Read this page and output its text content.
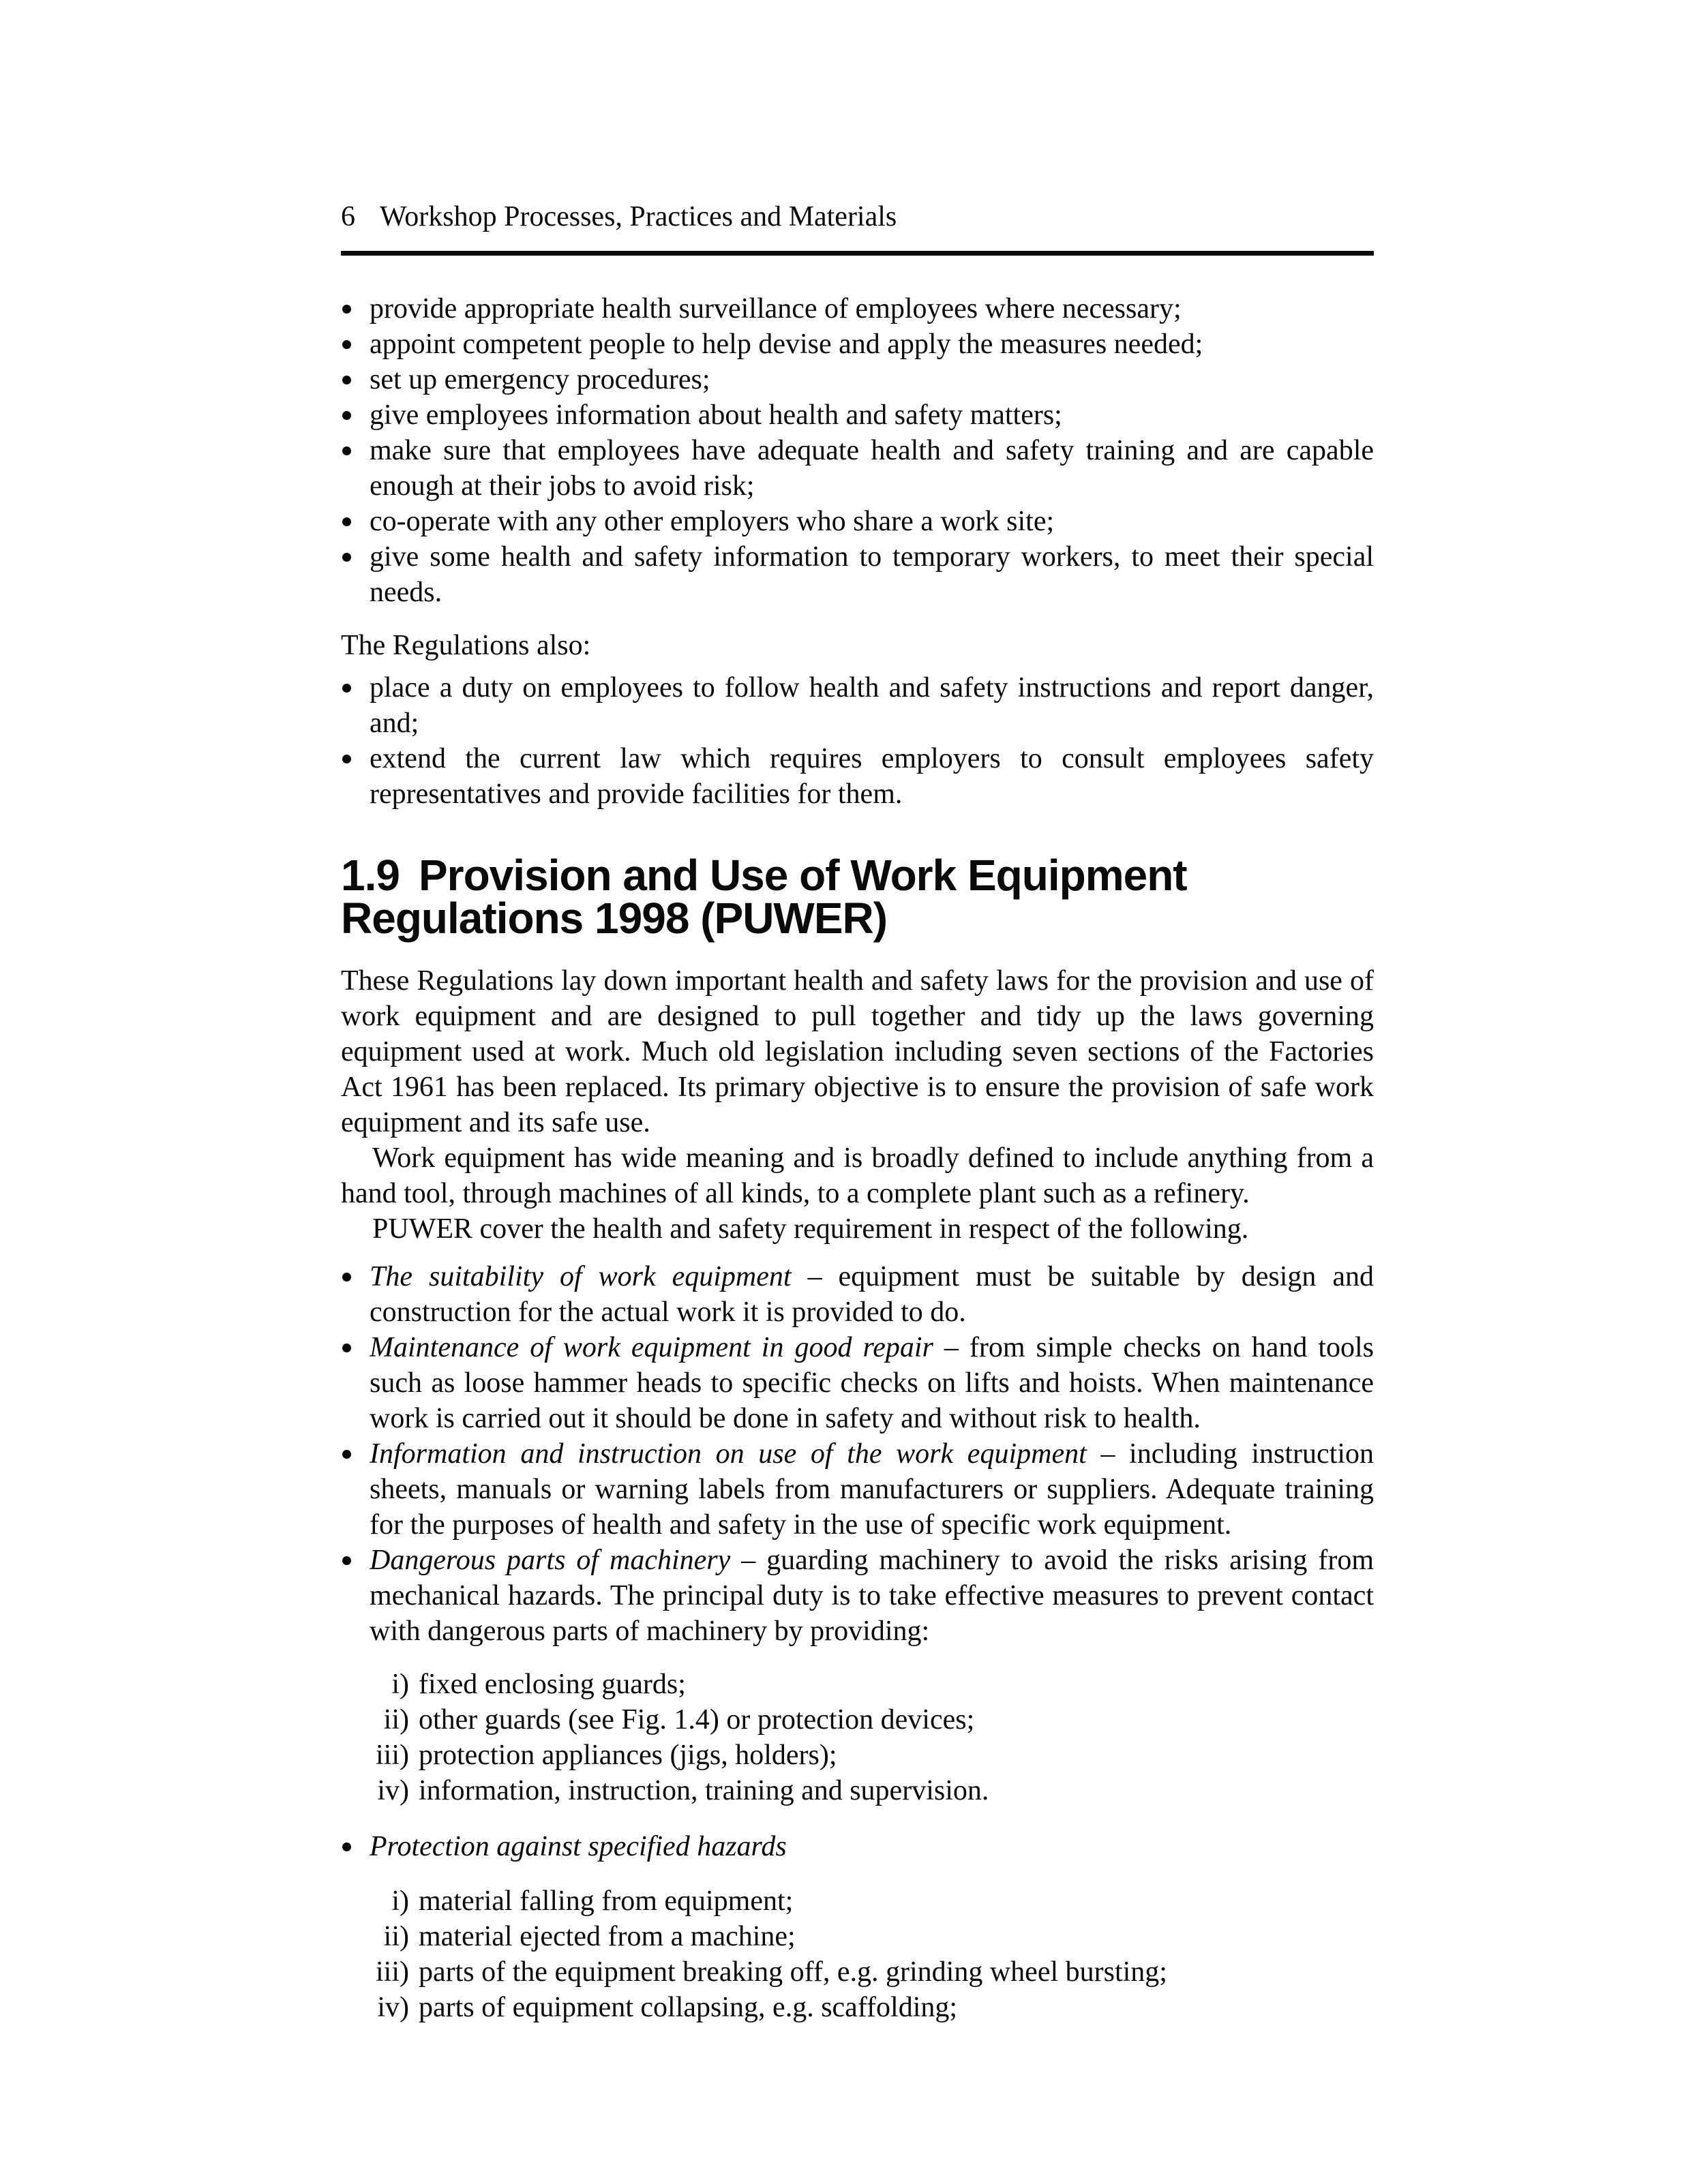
6 Workshop Processes, Practices and Materials
provide appropriate health surveillance of employees where necessary;
appoint competent people to help devise and apply the measures needed;
set up emergency procedures;
give employees information about health and safety matters;
make sure that employees have adequate health and safety training and are capable enough at their jobs to avoid risk;
co-operate with any other employers who share a work site;
give some health and safety information to temporary workers, to meet their special needs.

The Regulations also:

place a duty on employees to follow health and safety instructions and report danger, and;
extend the current law which requires employers to consult employees safety representatives and provide facilities for them.
1.9 Provision and Use of Work Equipment
Regulations 1998 (PUWER)

These Regulations lay down important health and safety laws for the provision and use of work equipment and are designed to pull together and tidy up the laws governing equipment used at work. Much old legislation including seven sections of the Factories Act 1961 has been replaced. Its primary objective is to ensure the provision of safe work equipment and its safe use.

Work equipment has wide meaning and is broadly defined to include anything from a hand tool, through machines of all kinds, to a complete plant such as a refinery.

PUWER cover the health and safety requirement in respect of the following.

The suitability of work equipment – equipment must be suitable by design and construction for the actual work it is provided to do.
Maintenance of work equipment in good repair – from simple checks on hand tools such as loose hammer heads to specific checks on lifts and hoists. When maintenance work is carried out it should be done in safety and without risk to health.
Information and instruction on use of the work equipment – including instruction sheets, manuals or warning labels from manufacturers or suppliers. Adequate training for the purposes of health and safety in the use of specific work equipment.
Dangerous parts of machinery – guarding machinery to avoid the risks arising from mechanical hazards. The principal duty is to take effective measures to prevent contact with dangerous parts of machinery by providing:
i) fixed enclosing guards;
ii) other guards (see Fig. 1.4) or protection devices;
iii) protection appliances (jigs, holders);
iv) information, instruction, training and supervision.
Protection against specified hazards
i) material falling from equipment;
ii) material ejected from a machine;
iii) parts of the equipment breaking off, e.g. grinding wheel bursting;
iv) parts of equipment collapsing, e.g. scaffolding;
